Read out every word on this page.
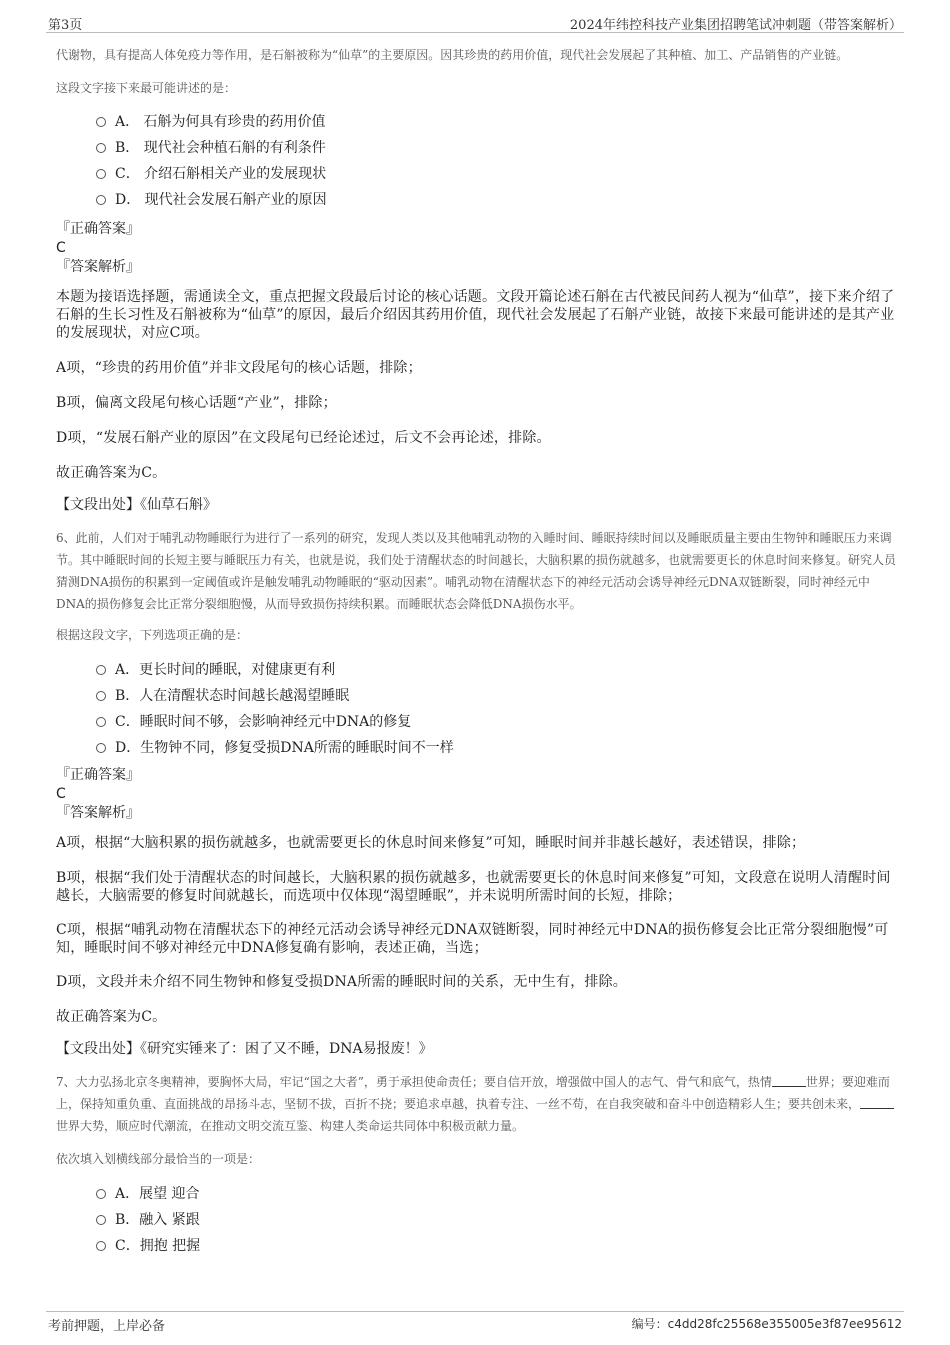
第3页	2024年纬控科技产业集团招聘笔试冲刺题（带答案解析）

代谢物，具有提高人体免疫力等作用，是石斛被称为“仙草”的主要原因。因其珍贵的药用价值，现代社会发展起了其种植、加工、产品销售的产业链。

这段文字接下来最可能讲述的是：

A． 石斛为何具有珍贵的药用价值
B． 现代社会种植石斛的有利条件
C． 介绍石斛相关产业的发展现状
D． 现代社会发展石斛产业的原因

『正确答案』

C

『答案解析』

本题为接语选择题，需通读全文，重点把握文段最后讨论的核心话题。文段开篇论述石斛在古代被民间药人视为“仙草”，接下来介绍了石斛的生长习性及石斛被称为“仙草”的原因，最后介绍因其药用价值，现代社会发展起了石斛产业链，故接下来最可能讲述的是其产业的发展现状，对应C项。

A项，“珍贵的药用价值”并非文段尾句的核心话题，排除；

B项，偏离文段尾句核心话题“产业”，排除；

D项，“发展石斛产业的原因”在文段尾句已经论述过，后文不会再论述，排除。

故正确答案为C。

【文段出处】《仙草石斛》

6、此前，人们对于哺乳动物睡眠行为进行了一系列的研究，发现人类以及其他哺乳动物的入睡时间、睡眠持续时间以及睡眠质量主要由生物钟和睡眠压力来调节。其中睡眠时间的长短主要与睡眠压力有关，也就是说，我们处于清醒状态的时间越长，大脑积累的损伤就越多，也就需要更长的休息时间来修复。研究人员猜测DNA损伤的积累到一定阈值或许是触发哺乳动物睡眠的“驱动因素”。哺乳动物在清醒状态下的神经元活动会诱导神经元DNA双链断裂，同时神经元中DNA的损伤修复会比正常分裂细胞慢，从而导致损伤持续积累。而睡眠状态会降低DNA损伤水平。

根据这段文字，下列选项正确的是：

A．更长时间的睡眠，对健康更有利
B．人在清醒状态时间越长越渴望睡眠
C．睡眠时间不够，会影响神经元中DNA的修复
D．生物钟不同，修复受损DNA所需的睡眠时间不一样

『正确答案』

C

『答案解析』

A项，根据“大脑积累的损伤就越多，也就需要更长的休息时间来修复”可知，睡眠时间并非越长越好，表述错误，排除；

B项，根据“我们处于清醒状态的时间越长，大脑积累的损伤就越多，也就需要更长的休息时间来修复”可知，文段意在说明人清醒时间越长，大脑需要的修复时间就越长，而选项中仅体现“渴望睡眠”，并未说明所需时间的长短，排除；

C项，根据“哺乳动物在清醒状态下的神经元活动会诱导神经元DNA双链断裂，同时神经元中DNA的损伤修复会比正常分裂细胞慢”可知，睡眠时间不够对神经元中DNA修复确有影响，表述正确，当选；

D项，文段并未介绍不同生物钟和修复受损DNA所需的睡眠时间的关系，无中生有，排除。

故正确答案为C。

【文段出处】《研究实锤来了：困了又不睡，DNA易报废！》

7、大力弘扬北京冬奥精神，要胸怀大局，牢记“国之大者”，勇于承担使命责任；要自信开放，增强做中国人的志气、骨气和底气，热情	世界；要迎难而上，保持知重负重、直面挑战的昂扬斗志，坚韧不拔，百折不挠；要追求卓越，执着专注、一丝不苟，在自我突破和奋斗中创造精彩人生；要共创未来，世界大势，顺应时代潮流，在推动文明交流互鉴、构建人类命运共同体中积极贡献力量。

依次填入划横线部分最恰当的一项是：

A．展望 迎合
B．融入 紧跟
C．拥抱 把握
考前押题，上岸必备	编号：c4dd28fc25568e355005e3f87ee95612
